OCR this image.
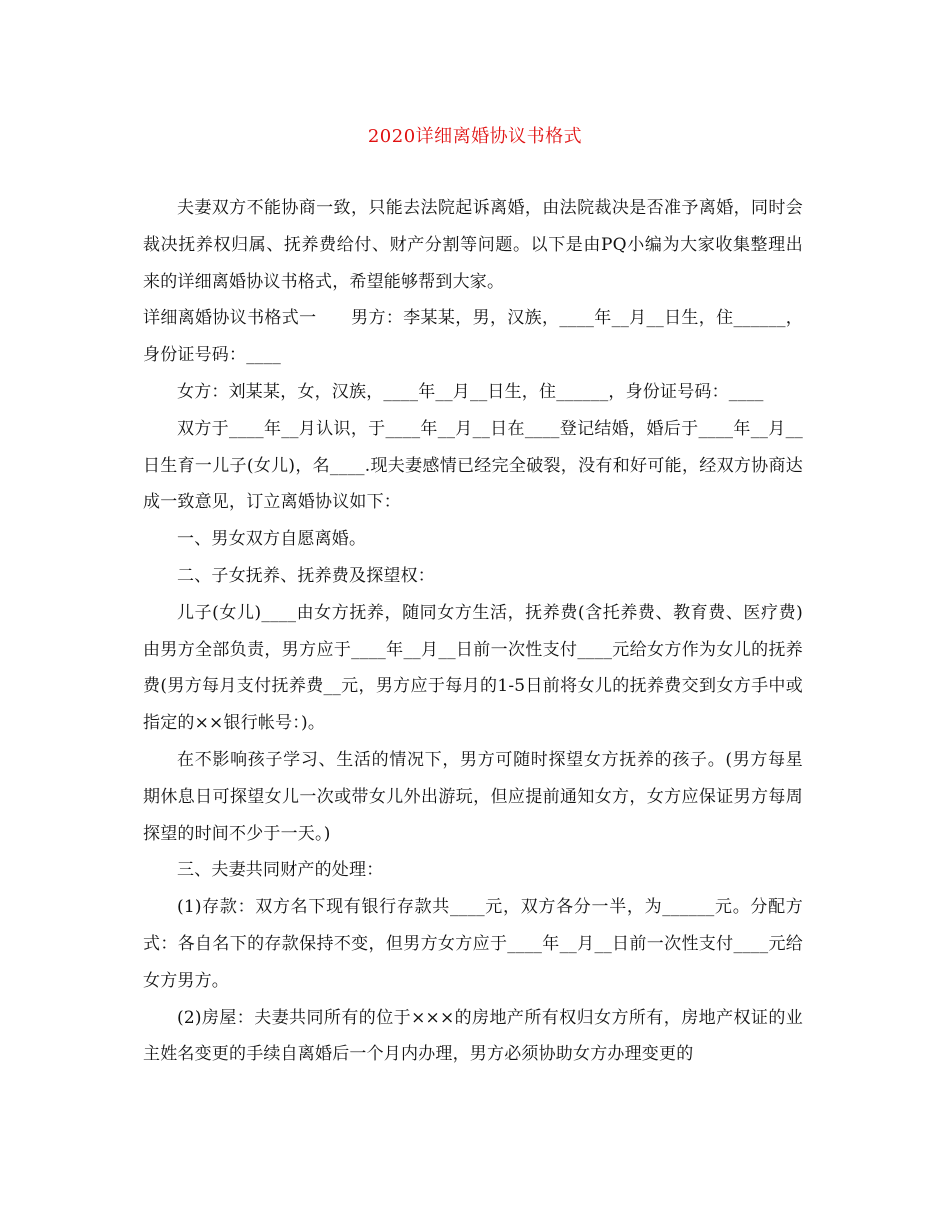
2020详细离婚协议书格式

夫妻双方不能协商一致，只能去法院起诉离婚，由法院裁决是否准予离婚，同时会裁决抚养权归属、抚养费给付、财产分割等问题。以下是由PQ小编为大家收集整理出来的详细离婚协议书格式，希望能够帮到大家。

详细离婚协议书格式一　　男方：李某某，男，汉族，____年__月__日生，住______，身份证号码：____

女方：刘某某，女，汉族，____年__月__日生，住______，身份证号码：____

双方于____年__月认识，于____年__月__日在____登记结婚，婚后于____年__月__日生育一儿子(女儿)，名____.现夫妻感情已经完全破裂，没有和好可能，经双方协商达成一致意见，订立离婚协议如下：

一、男女双方自愿离婚。

二、子女抚养、抚养费及探望权：

儿子(女儿)____由女方抚养，随同女方生活，抚养费(含托养费、教育费、医疗费)由男方全部负责，男方应于____年__月__日前一次性支付____元给女方作为女儿的抚养费(男方每月支付抚养费__元，男方应于每月的1-5日前将女儿的抚养费交到女方手中或指定的××银行帐号：)。

在不影响孩子学习、生活的情况下，男方可随时探望女方抚养的孩子。(男方每星期休息日可探望女儿一次或带女儿外出游玩，但应提前通知女方，女方应保证男方每周探望的时间不少于一天。)

三、夫妻共同财产的处理：

(1)存款：双方名下现有银行存款共____元，双方各分一半，为______元。分配方式：各自名下的存款保持不变，但男方女方应于____年__月__日前一次性支付____元给女方男方。

(2)房屋：夫妻共同所有的位于×××的房地产所有权归女方所有，房地产权证的业主姓名变更的手续自离婚后一个月内办理，男方必须协助女方办理变更的
